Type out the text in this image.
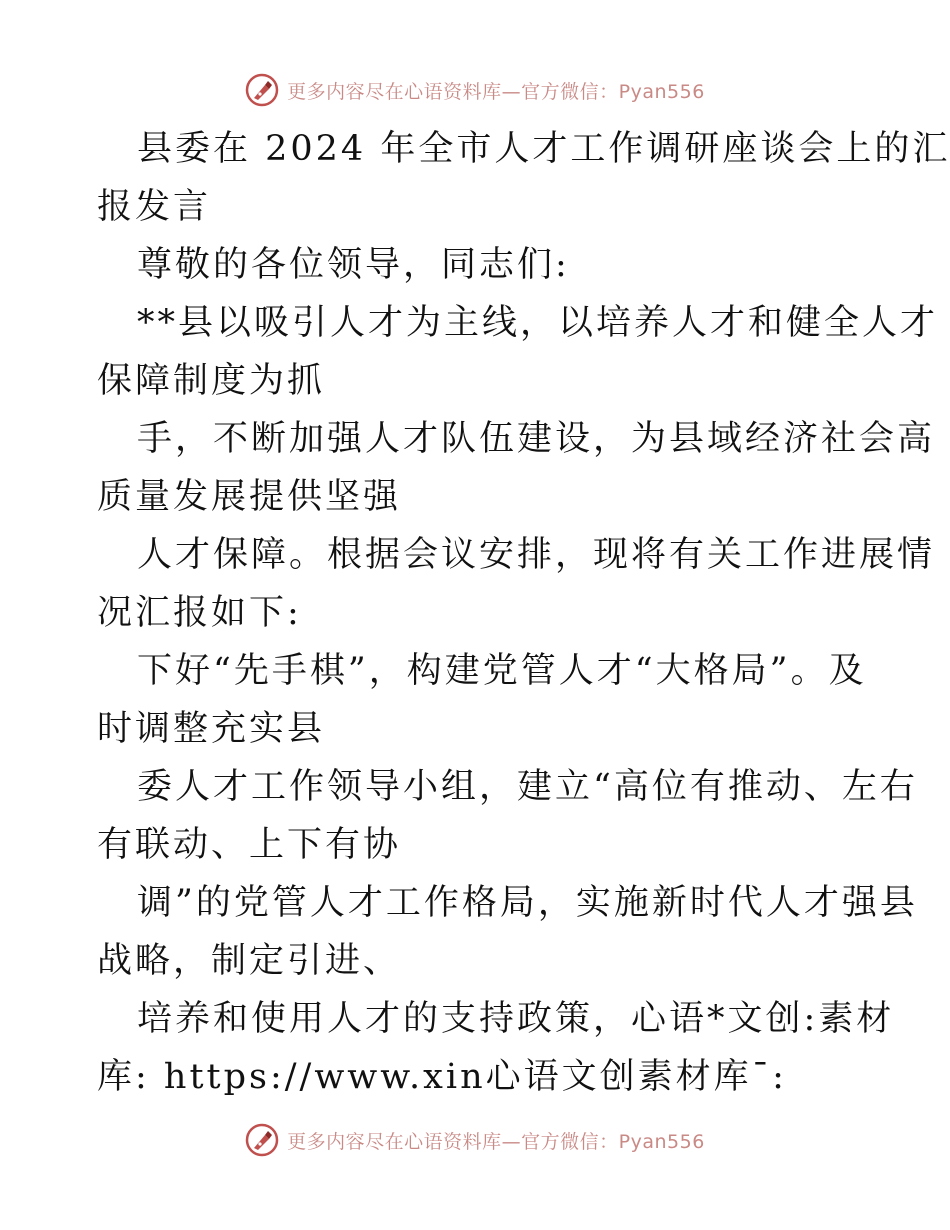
更多内容尽在心语资料库—官方微信：Pyan556

县委在 2024 年全市人才工作调研座谈会上的汇

报发言

尊敬的各位领导，同志们:

**县以吸引人才为主线，以培养人才和健全人才

保障制度为抓

手，不断加强人才队伍建设，为县域经济社会高

质量发展提供坚强

人才保障。根据会议安排，现将有关工作进展情

况汇报如下:

下好“先手棋”，构建党管人才“大格局”。及

时调整充实县

委人才工作领导小组，建立“高位有推动、左右

有联动、上下有协

调”的党管人才工作格局，实施新时代人才强县

战略，制定引进、

培养和使用人才的支持政策，心语*文创:素材

库: https://www.xin心语文创素材库¯:

更多内容尽在心语资料库—官方微信：Pyan556
